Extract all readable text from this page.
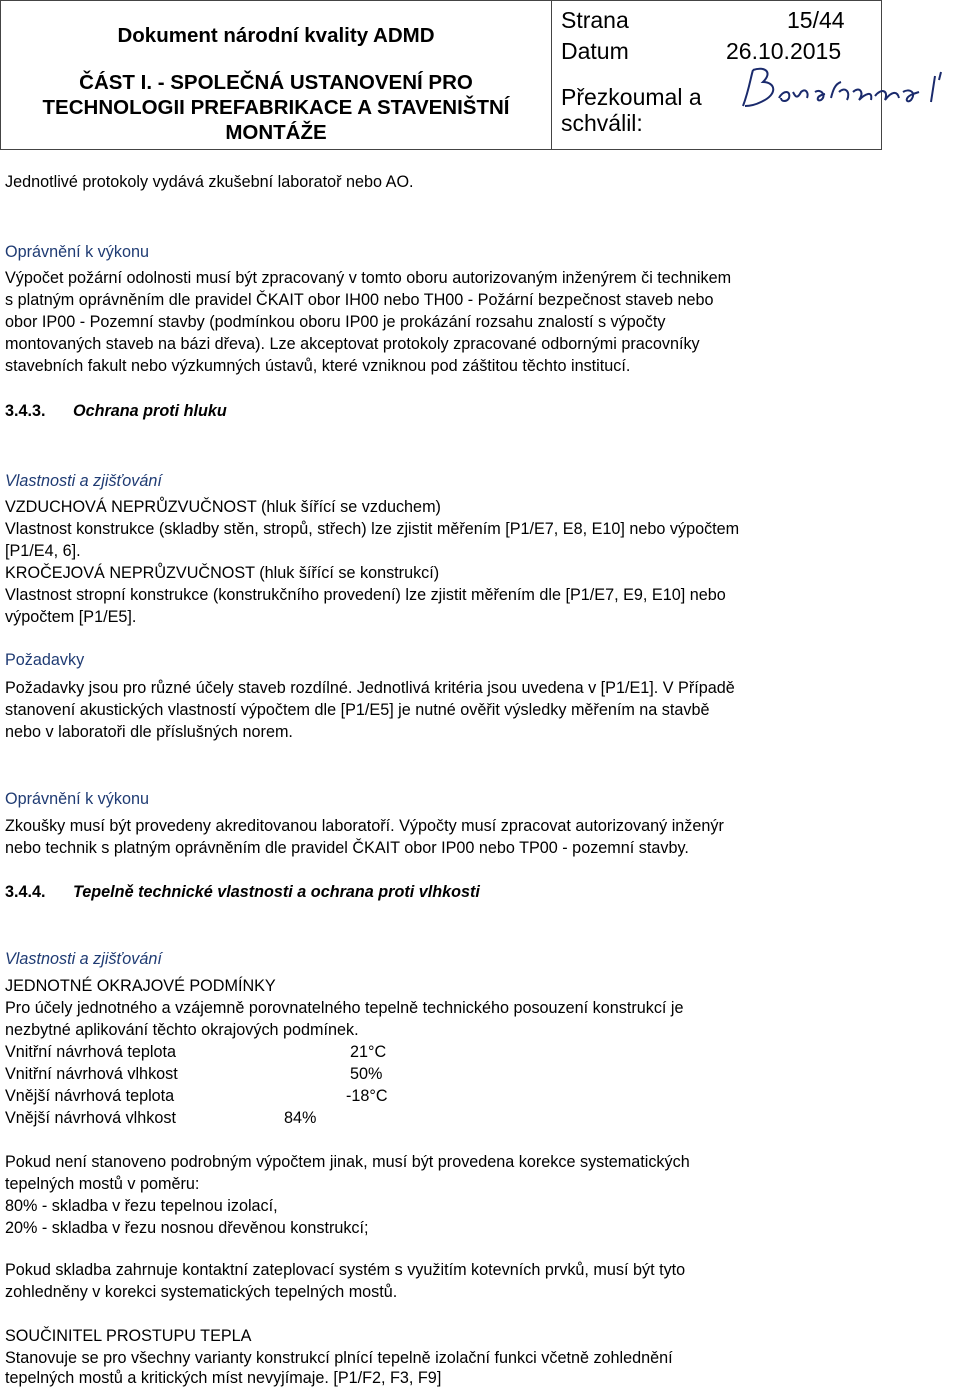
Dokument národní kvality ADMD
ČÁST I. - SPOLEČNÁ USTANOVENÍ PRO
TECHNOLOGII PREFABRIKACE A STAVENIŠTNÍ
MONTÁŽE
Strana	15/44
Datum	26.10.2015
Přezkoumal a
schválil:
Jednotlivé protokoly vydává zkušební laboratoř nebo AO.
Oprávnění k výkonu
Výpočet požární odolnosti musí být zpracovaný v tomto oboru autorizovaným inženýrem či technikem
s platným oprávněním dle pravidel ČKAIT obor IH00 nebo TH00 - Požární bezpečnost staveb nebo
obor IP00 - Pozemní stavby (podmínkou oboru IP00 je prokázání rozsahu znalostí s výpočty
montovaných staveb na bázi dřeva). Lze akceptovat protokoly zpracované odbornými pracovníky
stavebních fakult nebo výzkumných ústavů, které vzniknou pod záštitou těchto institucí.
3.4.3. Ochrana proti hluku
Vlastnosti a zjišťování
VZDUCHOVÁ NEPRŮZVUČNOST (hluk šířící se vzduchem)
Vlastnost konstrukce (skladby stěn, stropů, střech) lze zjistit měřením [P1/E7, E8, E10] nebo výpočtem
[P1/E4, 6].
KROČEJOVÁ NEPRŮZVUČNOST (hluk šířící se konstrukcí)
Vlastnost stropní konstrukce (konstrukčního provedení) lze zjistit měřením dle [P1/E7, E9, E10] nebo
výpočtem [P1/E5].
Požadavky
Požadavky jsou pro různé účely staveb rozdílné. Jednotlivá kritéria jsou uvedena v [P1/E1]. V Případě
stanovení akustických vlastností výpočtem dle [P1/E5] je nutné ověřit výsledky měřením na stavbě
nebo v laboratoři dle příslušných norem.
Oprávnění k výkonu
Zkoušky musí být provedeny akreditovanou laboratoří. Výpočty musí zpracovat autorizovaný inženýr
nebo technik s platným oprávněním dle pravidel ČKAIT obor IP00 nebo TP00 - pozemní stavby.
3.4.4. Tepelně technické vlastnosti a ochrana proti vlhkosti
Vlastnosti a zjišťování
JEDNOTNÉ OKRAJOVÉ PODMÍNKY
Pro účely jednotného a vzájemně porovnatelného tepelně technického posouzení konstrukcí je
nezbytné aplikování těchto okrajových podmínek.
Vnitřní návrhová teplota	21°C
Vnitřní návrhová vlhkost	50%
Vnější návrhová teplota	-18°C
Vnější návrhová vlhkost	84%
Pokud není stanoveno podrobným výpočtem jinak, musí být provedena korekce systematických
tepelných mostů v poměru:
80% - skladba v řezu tepelnou izolací,
20% - skladba v řezu nosnou dřevěnou konstrukcí;
Pokud skladba zahrnuje kontaktní zateplovací systém s využitím kotevních prvků, musí být tyto
zohledněny v korekci systematických tepelných mostů.
SOUČINITEL PROSTUPU TEPLA
Stanovuje se pro všechny varianty konstrukcí plnící tepelně izolační funkci včetně zohlednění
tepelných mostů a kritických míst nevyjímaje. [P1/F2, F3, F9]
